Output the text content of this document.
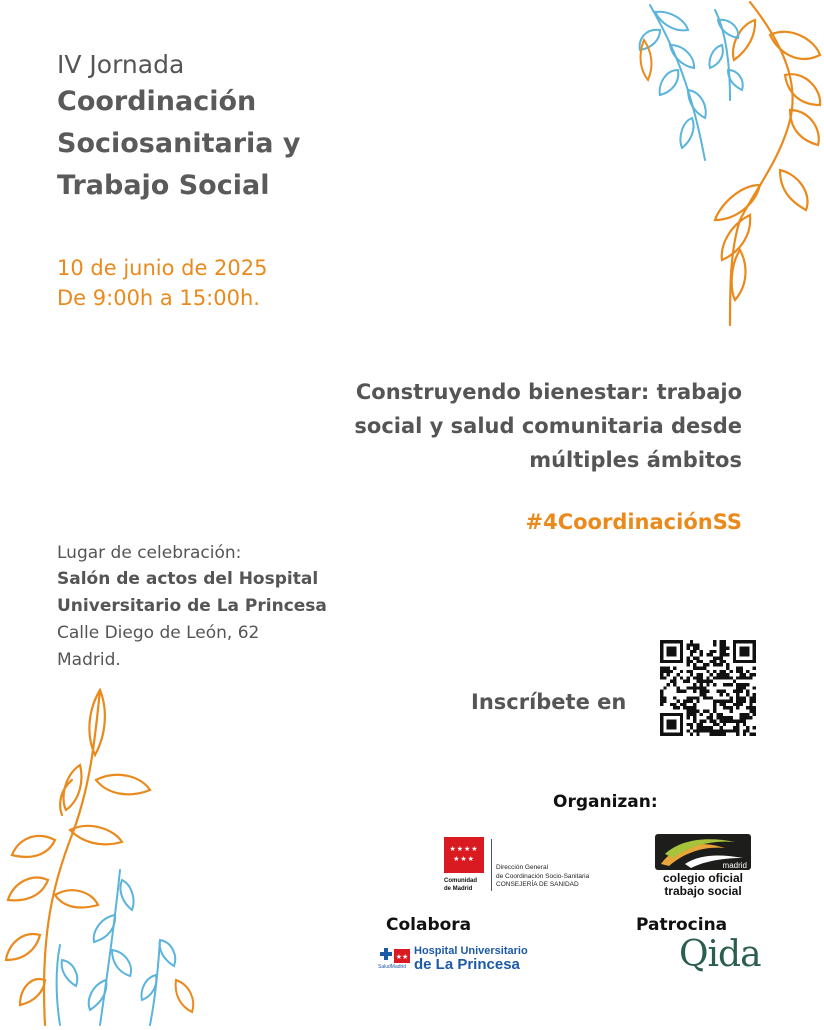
IV Jornada
Coordinación
Sociosanitaria y
Trabajo Social
10 de junio de 2025
De 9:00h a 15:00h.
Construyendo bienestar: trabajo
social y salud comunitaria desde
múltiples ámbitos
#4CoordinaciónSS
Lugar de celebración:
Salón de actos del Hospital
Universitario de La Princesa
Calle Diego de León, 62
Madrid.
Inscríbete en
Organizan:
★★★★
★★★
Comunidad
de Madrid
Dirección General
de Coordinación Socio-Sanitaria
CONSEJERÍA DE SANIDAD
madrid
colegio oficial
trabajo social
Colabora	Patrocina
★★
SaludMadrid
Hospital Universitario
de La Princesa	Qida
